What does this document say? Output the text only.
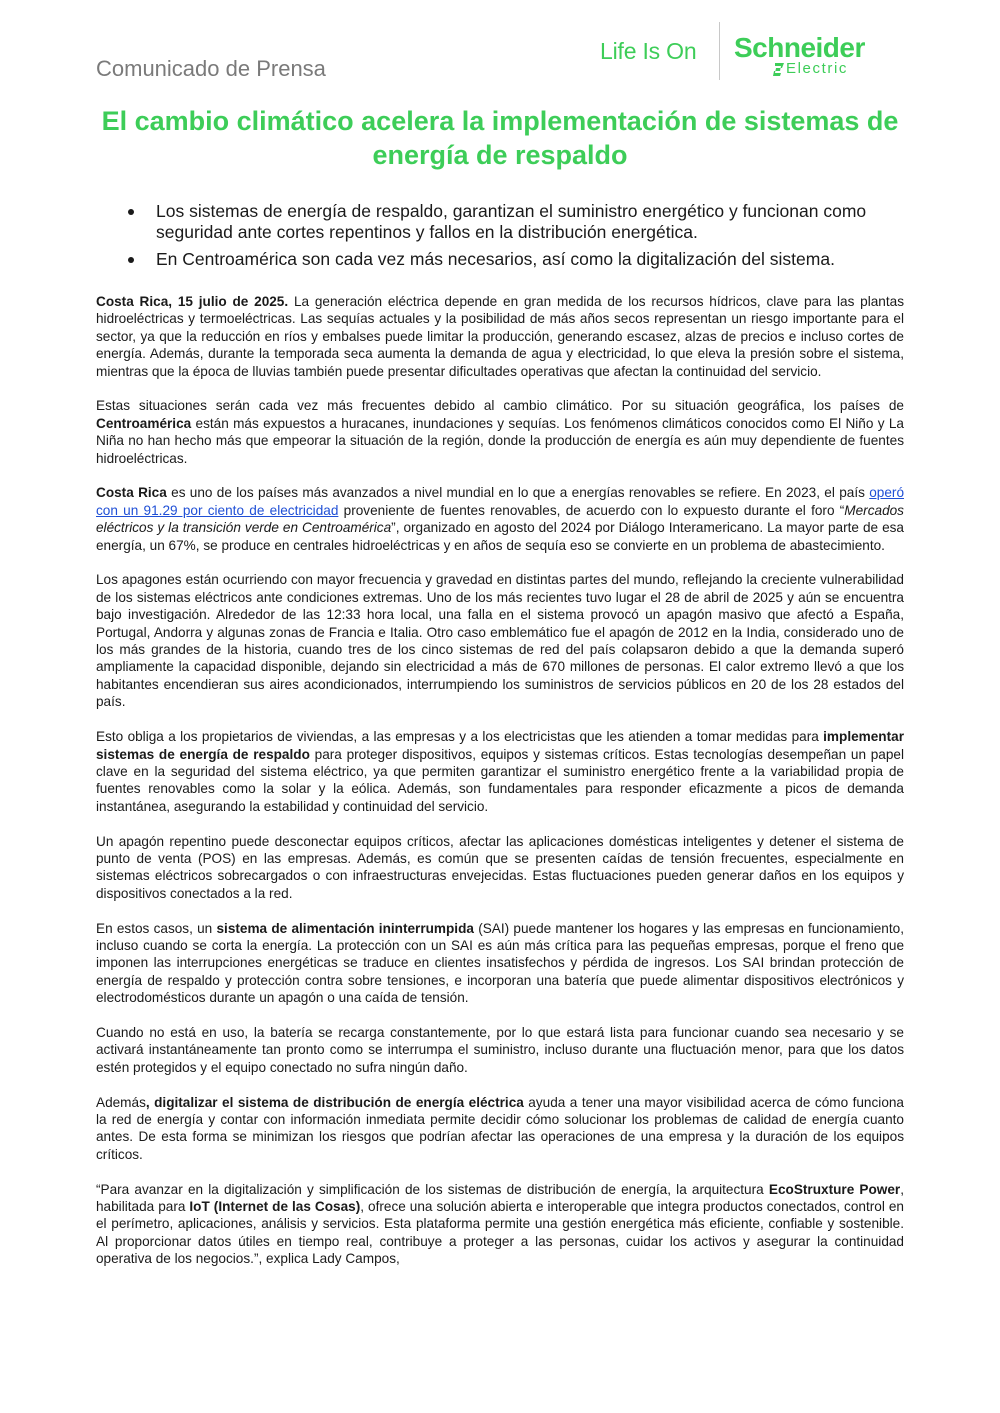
Comunicado de Prensa
Life Is On Schneider
Electric
El cambio climático acelera la implementación de sistemas de energía de respaldo
Los sistemas de energía de respaldo, garantizan el suministro energético y funcionan como seguridad ante cortes repentinos y fallos en la distribución energética.
En Centroamérica son cada vez más necesarios, así como la digitalización del sistema.

Costa Rica, 15 julio de 2025. La generación eléctrica depende en gran medida de los recursos hídricos, clave para las plantas hidroeléctricas y termoeléctricas. Las sequías actuales y la posibilidad de más años secos representan un riesgo importante para el sector, ya que la reducción en ríos y embalses puede limitar la producción, generando escasez, alzas de precios e incluso cortes de energía. Además, durante la temporada seca aumenta la demanda de agua y electricidad, lo que eleva la presión sobre el sistema, mientras que la época de lluvias también puede presentar dificultades operativas que afectan la continuidad del servicio.

Estas situaciones serán cada vez más frecuentes debido al cambio climático. Por su situación geográfica, los países de Centroamérica están más expuestos a huracanes, inundaciones y sequías. Los fenómenos climáticos conocidos como El Niño y La Niña no han hecho más que empeorar la situación de la región, donde la producción de energía es aún muy dependiente de fuentes hidroeléctricas.

Costa Rica es uno de los países más avanzados a nivel mundial en lo que a energías renovables se refiere. En 2023, el país operó con un 91.29 por ciento de electricidad proveniente de fuentes renovables, de acuerdo con lo expuesto durante el foro “Mercados eléctricos y la transición verde en Centroamérica”, organizado en agosto del 2024 por Diálogo Interamericano. La mayor parte de esa energía, un 67%, se produce en centrales hidroeléctricas y en años de sequía eso se convierte en un problema de abastecimiento.

Los apagones están ocurriendo con mayor frecuencia y gravedad en distintas partes del mundo, reflejando la creciente vulnerabilidad de los sistemas eléctricos ante condiciones extremas. Uno de los más recientes tuvo lugar el 28 de abril de 2025 y aún se encuentra bajo investigación. Alrededor de las 12:33 hora local, una falla en el sistema provocó un apagón masivo que afectó a España, Portugal, Andorra y algunas zonas de Francia e Italia. Otro caso emblemático fue el apagón de 2012 en la India, considerado uno de los más grandes de la historia, cuando tres de los cinco sistemas de red del país colapsaron debido a que la demanda superó ampliamente la capacidad disponible, dejando sin electricidad a más de 670 millones de personas. El calor extremo llevó a que los habitantes encendieran sus aires acondicionados, interrumpiendo los suministros de servicios públicos en 20 de los 28 estados del país.

Esto obliga a los propietarios de viviendas, a las empresas y a los electricistas que les atienden a tomar medidas para implementar sistemas de energía de respaldo para proteger dispositivos, equipos y sistemas críticos. Estas tecnologías desempeñan un papel clave en la seguridad del sistema eléctrico, ya que permiten garantizar el suministro energético frente a la variabilidad propia de fuentes renovables como la solar y la eólica. Además, son fundamentales para responder eficazmente a picos de demanda instantánea, asegurando la estabilidad y continuidad del servicio.

Un apagón repentino puede desconectar equipos críticos, afectar las aplicaciones domésticas inteligentes y detener el sistema de punto de venta (POS) en las empresas. Además, es común que se presenten caídas de tensión frecuentes, especialmente en sistemas eléctricos sobrecargados o con infraestructuras envejecidas. Estas fluctuaciones pueden generar daños en los equipos y dispositivos conectados a la red.

En estos casos, un sistema de alimentación ininterrumpida (SAI) puede mantener los hogares y las empresas en funcionamiento, incluso cuando se corta la energía. La protección con un SAI es aún más crítica para las pequeñas empresas, porque el freno que imponen las interrupciones energéticas se traduce en clientes insatisfechos y pérdida de ingresos. Los SAI brindan protección de energía de respaldo y protección contra sobre tensiones, e incorporan una batería que puede alimentar dispositivos electrónicos y electrodomésticos durante un apagón o una caída de tensión.

Cuando no está en uso, la batería se recarga constantemente, por lo que estará lista para funcionar cuando sea necesario y se activará instantáneamente tan pronto como se interrumpa el suministro, incluso durante una fluctuación menor, para que los datos estén protegidos y el equipo conectado no sufra ningún daño.

Además, digitalizar el sistema de distribución de energía eléctrica ayuda a tener una mayor visibilidad acerca de cómo funciona la red de energía y contar con información inmediata permite decidir cómo solucionar los problemas de calidad de energía cuanto antes. De esta forma se minimizan los riesgos que podrían afectar las operaciones de una empresa y la duración de los equipos críticos.

“Para avanzar en la digitalización y simplificación de los sistemas de distribución de energía, la arquitectura EcoStruxture Power, habilitada para IoT (Internet de las Cosas), ofrece una solución abierta e interoperable que integra productos conectados, control en el perímetro, aplicaciones, análisis y servicios. Esta plataforma permite una gestión energética más eficiente, confiable y sostenible. Al proporcionar datos útiles en tiempo real, contribuye a proteger a las personas, cuidar los activos y asegurar la continuidad operativa de los negocios.”, explica Lady Campos,
